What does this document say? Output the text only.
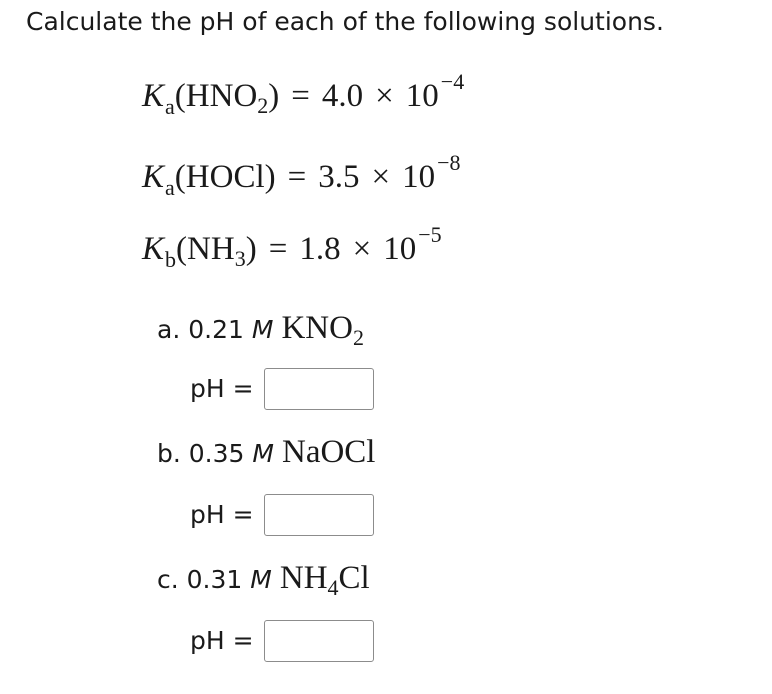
Calculate the pH of each of the following solutions.
$K_a(HNO_2) = 4.0 \times 10^{-4}$
$K_a(HOCl) = 3.5 \times 10^{-8}$
$K_b(NH_3) = 1.8 \times 10^{-5}$
a. 0.21 M $KNO_2$
pH =
b. 0.35 M NaOCl
pH =
c. 0.31 M $NH_4Cl$
pH =
